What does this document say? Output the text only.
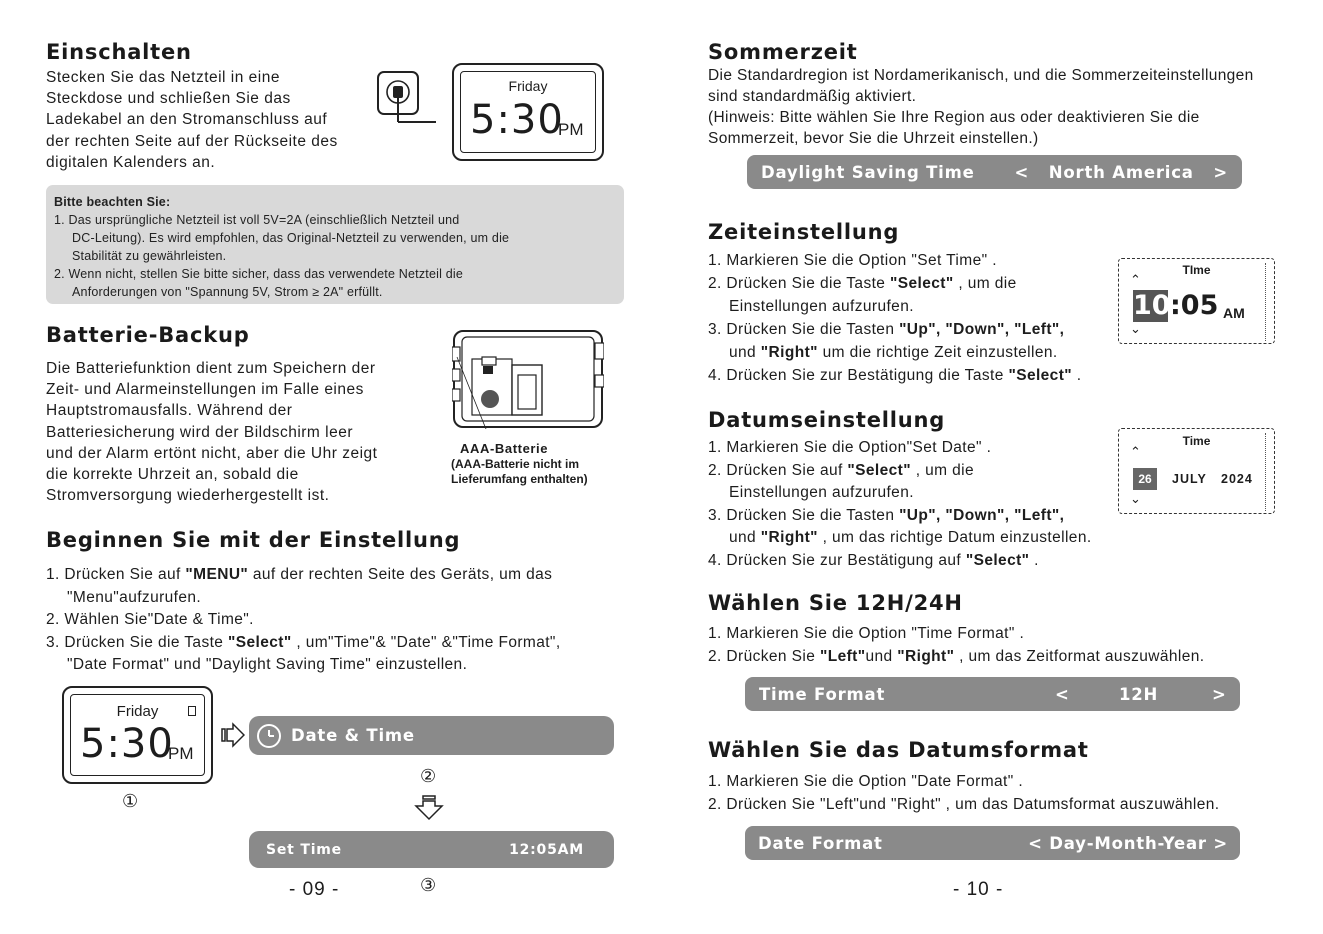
Einschalten
Stecken Sie das Netzteil in eine
Steckdose und schließen Sie das
Ladekabel an den Stromanschluss auf
der rechten Seite auf der Rückseite des
digitalen Kalenders an.
Friday
5:30
PM
Bitte beachten Sie:
1. Das ursprüngliche Netzteil ist voll 5V=2A (einschließlich Netzteil und
DC-Leitung). Es wird empfohlen, das Original-Netzteil zu verwenden, um die
Stabilität zu gewährleisten.
2. Wenn nicht, stellen Sie bitte sicher, dass das verwendete Netzteil die
Anforderungen von "Spannung 5V, Strom ≥ 2A" erfüllt.
Batterie-Backup
Die Batteriefunktion dient zum Speichern der
Zeit- und Alarmeinstellungen im Falle eines
Hauptstromausfalls. Während der
Batteriesicherung wird der Bildschirm leer
und der Alarm ertönt nicht, aber die Uhr zeigt
die korrekte Uhrzeit an, sobald die
Stromversorgung wiederhergestellt ist.
AAA-Batterie
(AAA-Batterie nicht im
Lieferumfang enthalten)
Beginnen Sie mit der Einstellung
1. Drücken Sie auf "MENU" auf der rechten Seite des Geräts, um das
"Menu"aufzurufen.
2. Wählen Sie"Date & Time".
3. Drücken Sie die Taste "Select" , um"Time"& "Date" &"Time Format",
"Date Format" und "Daylight Saving Time" einzustellen.
Friday
5:30
PM
①
Date & Time
②
Set Time	12:05AM
- 09 -	③
Sommerzeit
Die Standardregion ist Nordamerikanisch, und die Sommerzeiteinstellungen
sind standardmäßig aktiviert.
(Hinweis: Bitte wählen Sie Ihre Region aus oder deaktivieren Sie die
Sommerzeit, bevor Sie die Uhrzeit einstellen.)
Daylight Saving Time <   North America   >
Zeiteinstellung
1. Markieren Sie die Option "Set Time" .
2. Drücken Sie die Taste "Select" , um die
Einstellungen aufzurufen.
3. Drücken Sie die Tasten "Up", "Down", "Left",
und "Right" um die richtige Zeit einzustellen.
4. Drücken Sie zur Bestätigung die Taste "Select" .
TIme
⌃
10 :05 AM
⌄
Datumseinstellung
1. Markieren Sie die Option"Set Date" .
2. Drücken Sie auf "Select" , um die
Einstellungen aufzurufen.
3. Drücken Sie die Tasten "Up", "Down", "Left",
und "Right" , um das richtige Datum einzustellen.
4. Drücken Sie zur Bestätigung auf "Select" .
Time
⌃
26	JULY 2024
⌄
Wählen Sie 12H/24H
1. Markieren Sie die Option "Time Format" .
2. Drücken Sie "Left"und "Right" , um das Zeitformat auszuwählen.
Time Format	<	12H	>
Wählen Sie das Datumsformat
1. Markieren Sie die Option "Date Format" .
2. Drücken Sie "Left"und "Right" , um das Datumsformat auszuwählen.
Date Format	< Day-Month-Year >
- 10 -
